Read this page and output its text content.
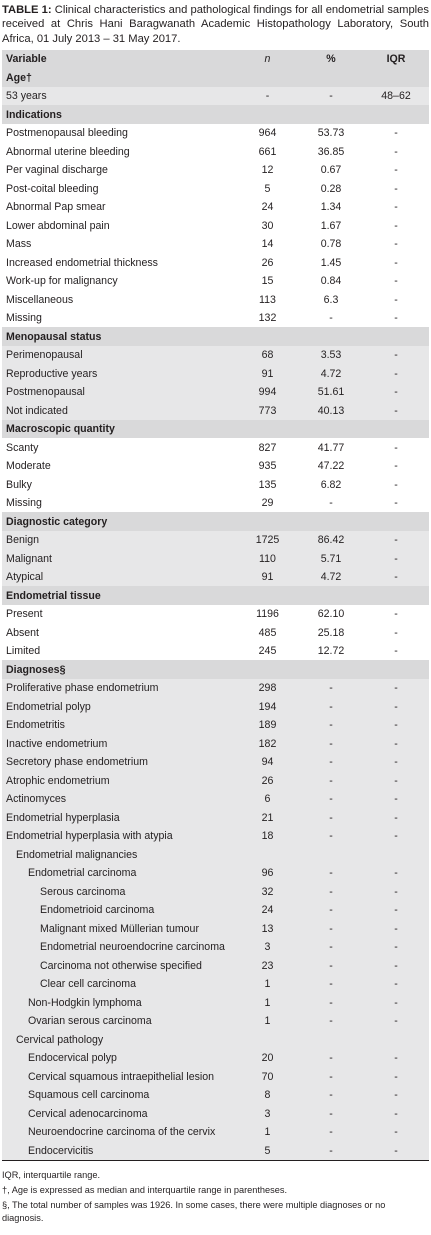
TABLE 1: Clinical characteristics and pathological findings for all endometrial samples received at Chris Hani Baragwanath Academic Histopathology Laboratory, South Africa, 01 July 2013 – 31 May 2017.
Variable	n	%	IQR
Age†			
53 years	-	-	48–62
Indications			
Postmenopausal bleeding	964	53.73	-
Abnormal uterine bleeding	661	36.85	-
Per vaginal discharge	12	0.67	-
Post-coital bleeding	5	0.28	-
Abnormal Pap smear	24	1.34	-
Lower abdominal pain	30	1.67	-
Mass	14	0.78	-
Increased endometrial thickness	26	1.45	-
Work-up for malignancy	15	0.84	-
Miscellaneous	113	6.3	-
Missing	132	-	-
Menopausal status			
Perimenopausal	68	3.53	-
Reproductive years	91	4.72	-
Postmenopausal	994	51.61	-
Not indicated	773	40.13	-
Macroscopic quantity			
Scanty	827	41.77	-
Moderate	935	47.22	-
Bulky	135	6.82	-
Missing	29	-	-
Diagnostic category			
Benign	1725	86.42	-
Malignant	110	5.71	-
Atypical	91	4.72	-
Endometrial tissue			
Present	1196	62.10	-
Absent	485	25.18	-
Limited	245	12.72	-
Diagnoses§			
Proliferative phase endometrium	298	-	-
Endometrial polyp	194	-	-
Endometritis	189	-	-
Inactive endometrium	182	-	-
Secretory phase endometrium	94	-	-
Atrophic endometrium	26	-	-
Actinomyces	6	-	-
Endometrial hyperplasia	21	-	-
Endometrial hyperplasia with atypia	18	-	-
Endometrial malignancies			
Endometrial carcinoma	96	-	-
Serous carcinoma	32	-	-
Endometrioid carcinoma	24	-	-
Malignant mixed Müllerian tumour	13	-	-
Endometrial neuroendocrine carcinoma	3	-	-
Carcinoma not otherwise specified	23	-	-
Clear cell carcinoma	1	-	-
Non-Hodgkin lymphoma	1	-	-
Ovarian serous carcinoma	1	-	-
Cervical pathology			
Endocervical polyp	20	-	-
Cervical squamous intraepithelial lesion	70	-	-
Squamous cell carcinoma	8	-	-
Cervical adenocarcinoma	3	-	-
Neuroendocrine carcinoma of the cervix	1	-	-
Endocervicitis	5	-	-

IQR, interquartile range.

†, Age is expressed as median and interquartile range in parentheses.

§, The total number of samples was 1926. In some cases, there were multiple diagnoses or no diagnosis.
